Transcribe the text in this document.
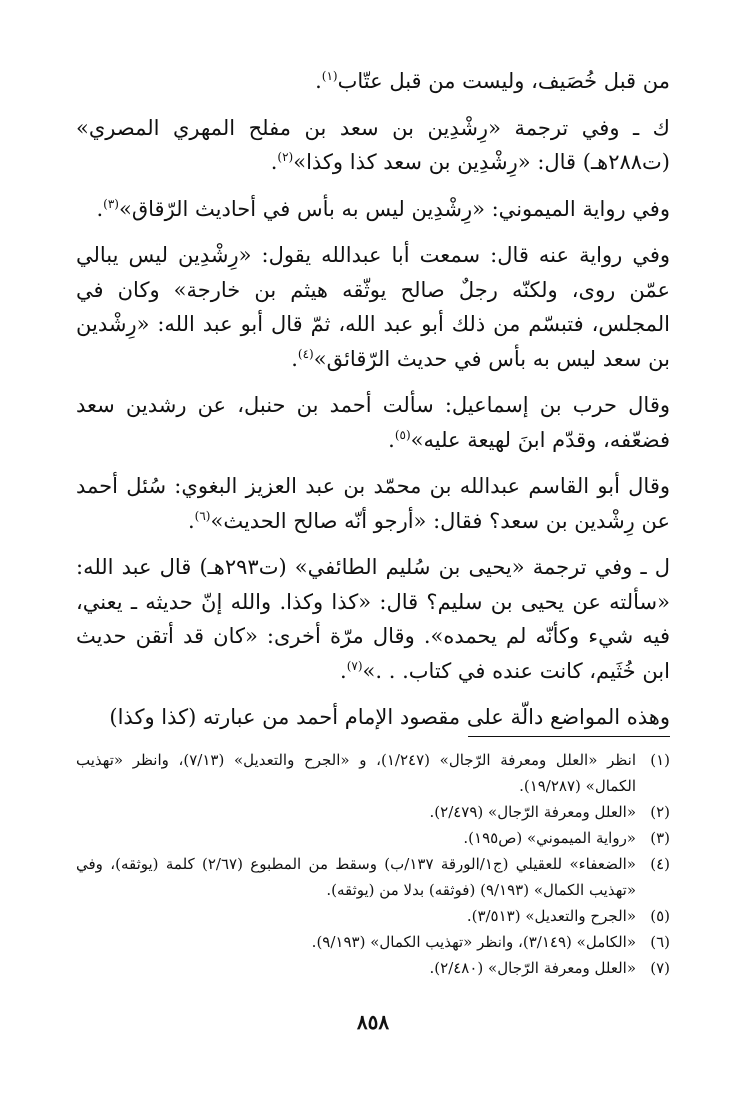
من قبل خُصَيف، وليست من قبل عتّاب$^{(١)}$.

ك ـ وفي ترجمة «رِشْدِين بن سعد بن مفلح المهري المصري» (ت٢٨٨هـ) قال: «رِشْدِين بن سعد كذا وكذا»$^{(٢)}$.

وفي رواية الميموني: «رِشْدِين ليس به بأس في أحاديث الرّقاق»$^{(٣)}$.

وفي رواية عنه قال: سمعت أبا عبدالله يقول: «رِشْدِين ليس يبالي عمّن روى، ولكنّه رجلٌ صالح يوثّقه هيثم بن خارجة» وكان في المجلس، فتبسّم من ذلك أبو عبد الله، ثمّ قال أبو عبد الله: «رِشْدين بن سعد ليس به بأس في حديث الرّقائق»$^{(٤)}$.

وقال حرب بن إسماعيل: سألت أحمد بن حنبل، عن رشدين سعد فضعّفه، وقدّم ابنَ لهيعة عليه»$^{(٥)}$.

وقال أبو القاسم عبدالله بن محمّد بن عبد العزيز البغوي: سُئل أحمد عن رِشْدين بن سعد؟ فقال: «أرجو أنّه صالح الحديث»$^{(٦)}$.

ل ـ وفي ترجمة «يحيى بن سُليم الطائفي» (ت٢٩٣هـ) قال عبد الله: «سألته عن يحيى بن سليم؟ قال: «كذا وكذا. والله إنّ حديثه ـ يعني، فيه شيء وكأنّه لم يحمده». وقال مرّة أخرى: «كان قد أتقن حديث ابن خُثَيم، كانت عنده في كتاب. . .»$^{(٧)}$.

وهذه المواضع دالّة على مقصود الإمام أحمد من عبارته (كذا وكذا)

(١)
انظر «العلل ومعرفة الرّجال» (١/٢٤٧)، و «الجرح والتعديل» (٧/١٣)، وانظر «تهذيب الكمال» (١٩/٢٨٧).
(٢)
«العلل ومعرفة الرّجال» (٢/٤٧٩).
(٣)
«رواية الميموني» (ص١٩٥).
(٤)
«الضعفاء» للعقيلي (ج١/الورقة ١٣٧/ب) وسقط من المطبوع (٢/٦٧) كلمة (يوثقه)، وفي «تهذيب الكمال» (٩/١٩٣) (فوثقه) بدلا من (يوثقه).
(٥)
«الجرح والتعديل» (٣/٥١٣).
(٦)
«الكامل» (٣/١٤٩)، وانظر «تهذيب الكمال» (٩/١٩٣).
(٧)
«العلل ومعرفة الرّجال» (٢/٤٨٠).
٨٥٨
